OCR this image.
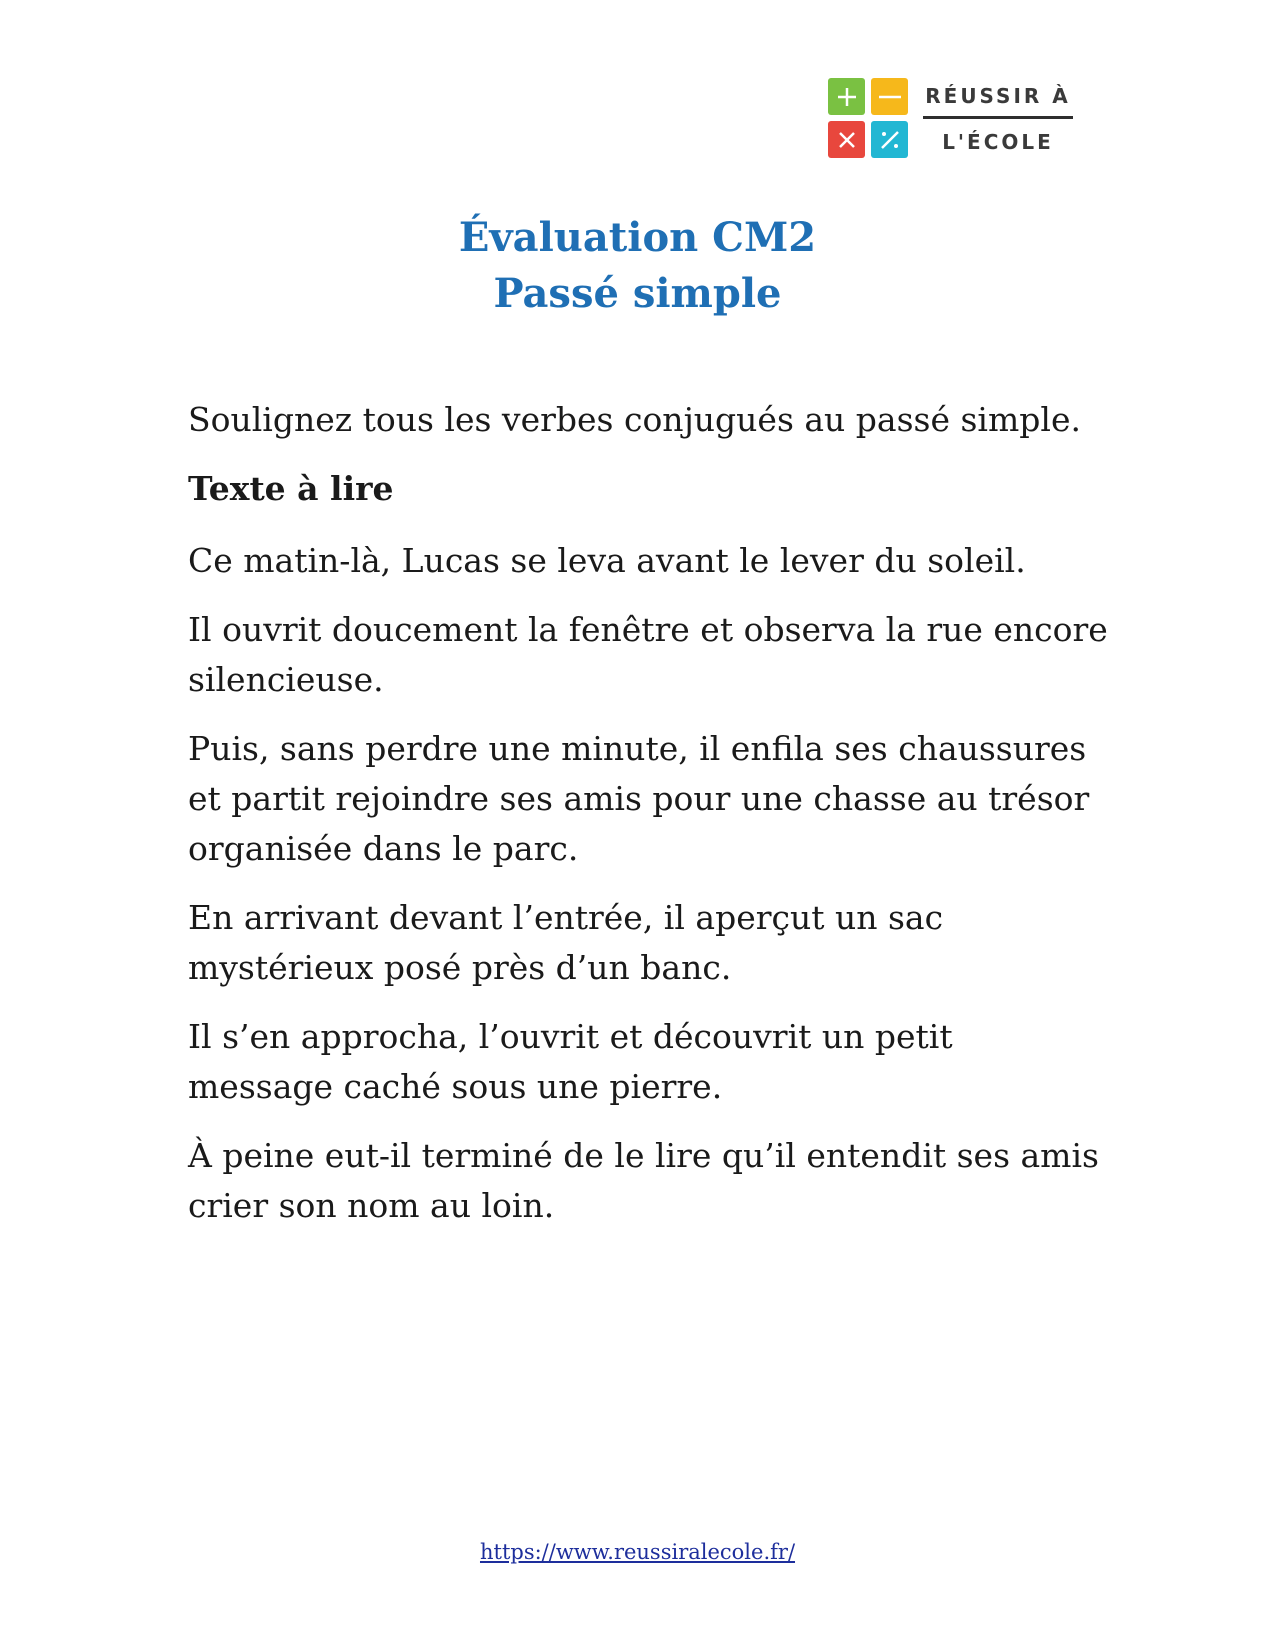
RÉUSSIR À
L'ÉCOLE
Évaluation CM2
Passé simple

Soulignez tous les verbes conjugués au passé simple.

Texte à lire

Ce matin-là, Lucas se leva avant le lever du soleil.

Il ouvrit doucement la fenêtre et observa la rue encore silencieuse.

Puis, sans perdre une minute, il enfila ses chaussures et partit rejoindre ses amis pour une chasse au trésor organisée dans le parc.

En arrivant devant l’entrée, il aperçut un sac mystérieux posé près d’un banc.

Il s’en approcha, l’ouvrit et découvrit un petit message caché sous une pierre.

À peine eut-il terminé de le lire qu’il entendit ses amis crier son nom au loin.

https://www.reussiralecole.fr/
